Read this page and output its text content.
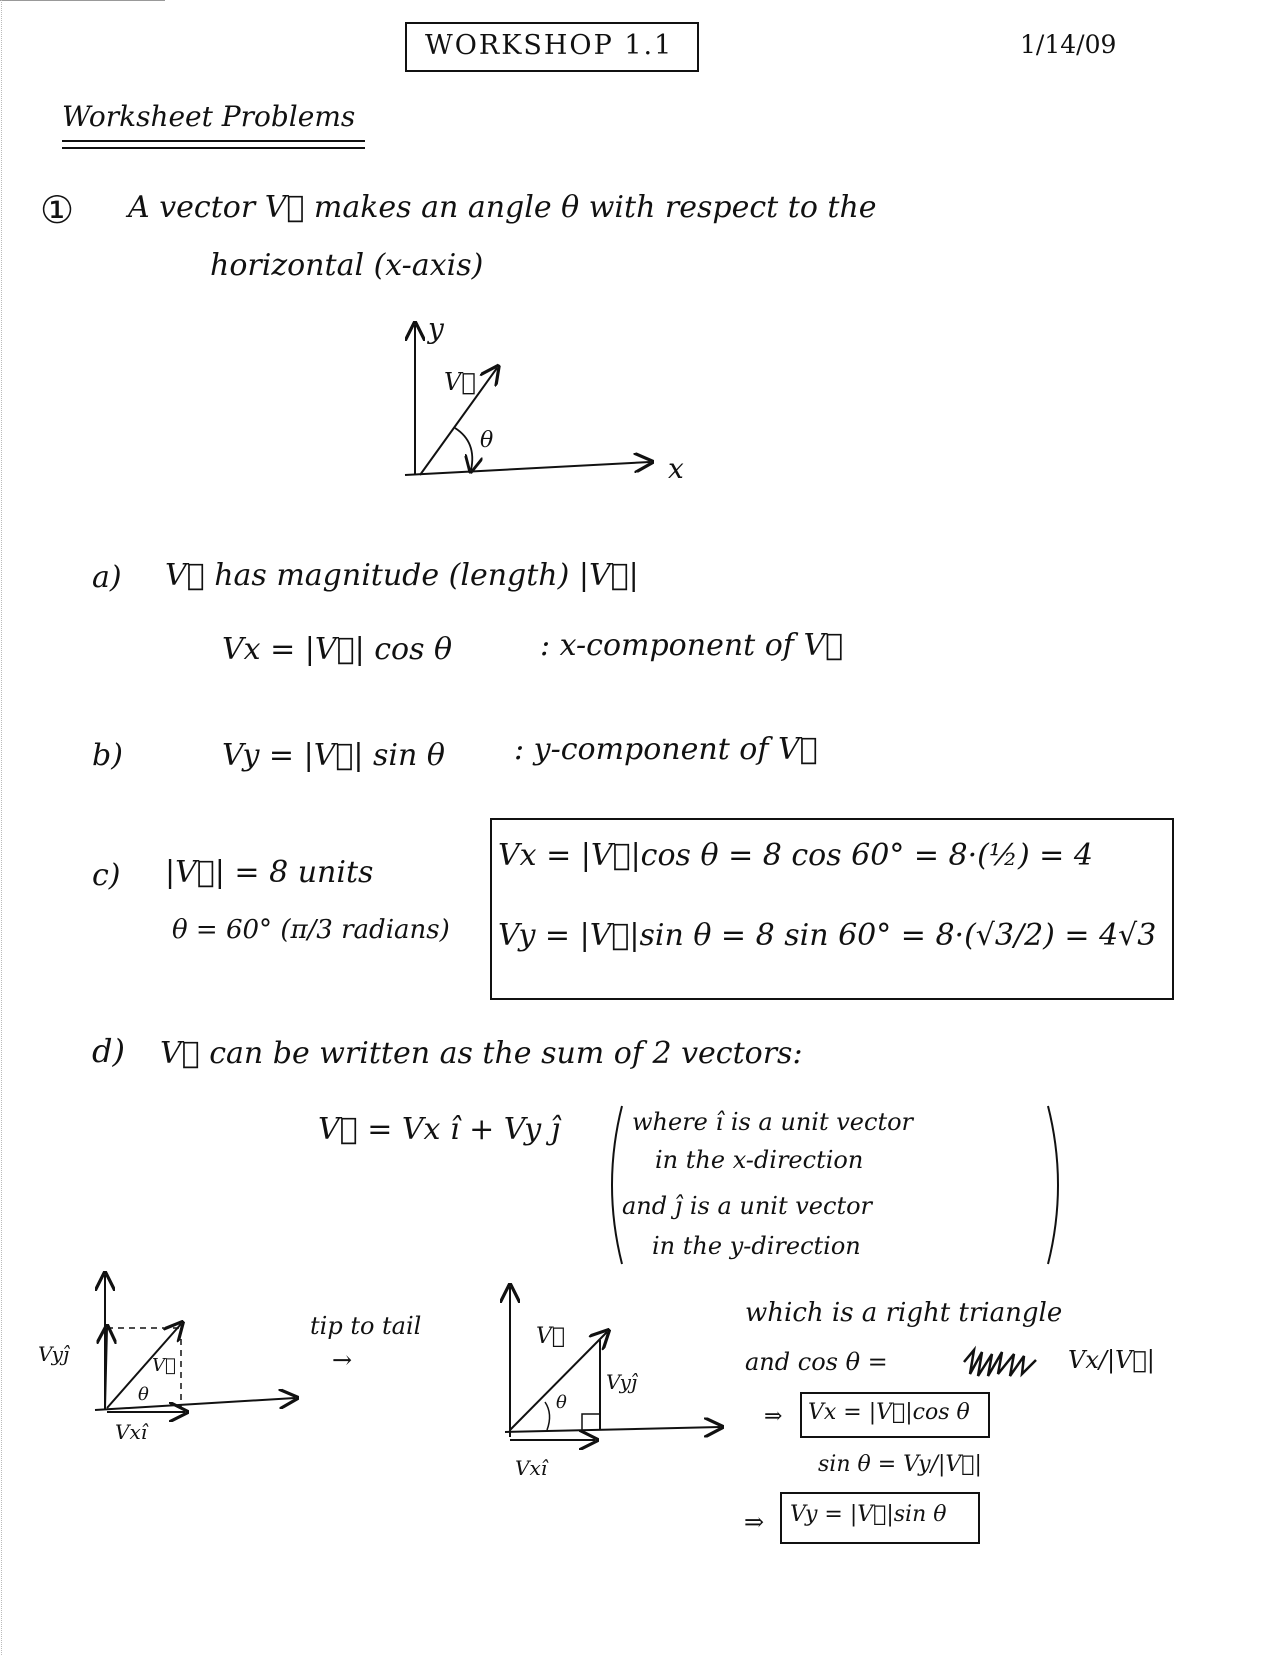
WORKSHOP 1.1	1/14/09
Worksheet Problems
① A vector V⃗ makes an angle θ with respect to the
horizontal (x-axis)
y
x
V⃗
θ
a) V⃗ has magnitude (length) |V⃗|
Vx = |V⃗| cos θ	: x-component of V⃗
b)	Vy = |V⃗| sin θ : y-component of V⃗
c) |V⃗| = 8 units
θ = 60° (π/3 radians)
Vx = |V⃗|cos θ = 8 cos 60° = 8·(½) = 4
Vy = |V⃗|sin θ = 8 sin 60° = 8·(√3/2) = 4√3
d) V⃗ can be written as the sum of 2 vectors:
V⃗ = Vx î + Vy ĵ	where î is a unit vector
in the x-direction
and ĵ is a unit vector
in the y-direction
Vyĵ
Vxî
V⃗
θ
tip to tail
→
V⃗
Vyĵ
Vxî
θ
which is a right triangle
and cos θ =	Vx/|V⃗|
⇒ Vx = |V⃗|cos θ
sin θ = Vy/|V⃗|
⇒ Vy = |V⃗|sin θ
